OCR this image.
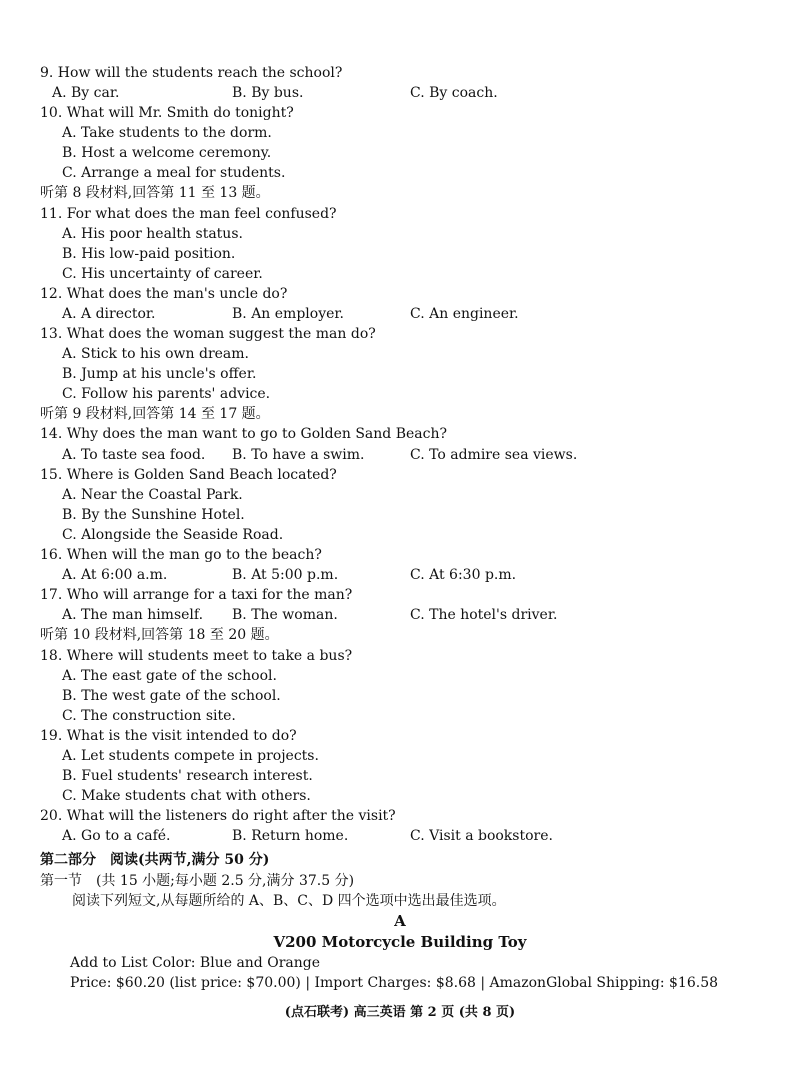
9. How will the students reach the school?
A. By car.	B. By bus.	C. By coach.
10. What will Mr. Smith do tonight?
A. Take students to the dorm.
B. Host a welcome ceremony.
C. Arrange a meal for students.
听第 8 段材料,回答第 11 至 13 题。
11. For what does the man feel confused?
A. His poor health status.
B. His low-paid position.
C. His uncertainty of career.
12. What does the man's uncle do?
A. A director.	B. An employer.	C. An engineer.
13. What does the woman suggest the man do?
A. Stick to his own dream.
B. Jump at his uncle's offer.
C. Follow his parents' advice.
听第 9 段材料,回答第 14 至 17 题。
14. Why does the man want to go to Golden Sand Beach?
A. To taste sea food. B. To have a swim.	C. To admire sea views.
15. Where is Golden Sand Beach located?
A. Near the Coastal Park.
B. By the Sunshine Hotel.
C. Alongside the Seaside Road.
16. When will the man go to the beach?
A. At 6:00 a.m.	B. At 5:00 p.m.	C. At 6:30 p.m.
17. Who will arrange for a taxi for the man?
A. The man himself. B. The woman.	C. The hotel's driver.
听第 10 段材料,回答第 18 至 20 题。
18. Where will students meet to take a bus?
A. The east gate of the school.
B. The west gate of the school.
C. The construction site.
19. What is the visit intended to do?
A. Let students compete in projects.
B. Fuel students' research interest.
C. Make students chat with others.
20. What will the listeners do right after the visit?
A. Go to a café.	B. Return home.	C. Visit a bookstore.
第二部分　阅读(共两节,满分 50 分)
第一节　(共 15 小题;每小题 2.5 分,满分 37.5 分)
阅读下列短文,从每题所给的 A、B、C、D 四个选项中选出最佳选项。
A
V200 Motorcycle Building Toy
Add to List Color: Blue and Orange
Price: $60.20 (list price: $70.00) | Import Charges: $8.68 | AmazonGlobal Shipping: $16.58
(点石联考) 高三英语 第 2 页 (共 8 页)
